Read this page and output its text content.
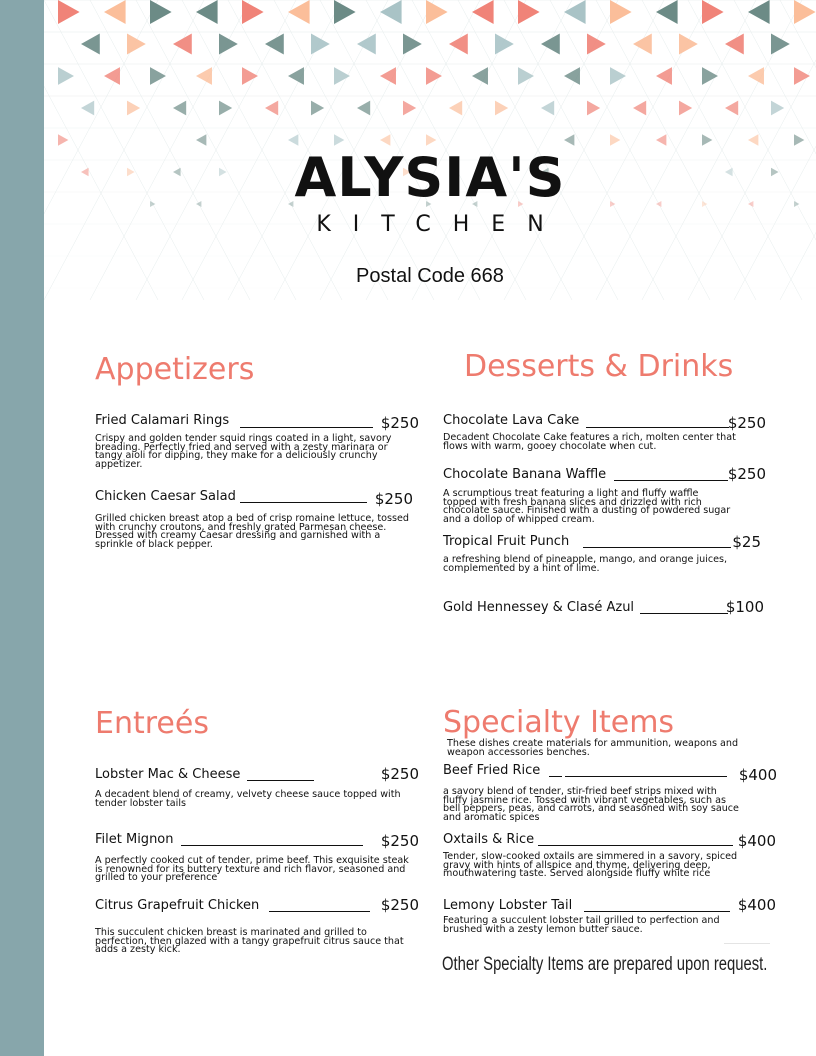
ALYSIA'S
KITCHEN
Postal Code 668
Appetizers
Fried Calamari Rings	$250
Crispy and golden tender squid rings coated in a light, savory breading. Perfectly fried and served with a zesty marinara or tangy aioli for dipping, they make for a deliciously crunchy appetizer.
Chicken Caesar Salad	$250
Grilled chicken breast atop a bed of crisp romaine lettuce, tossed with crunchy croutons, and freshly grated Parmesan cheese. Dressed with creamy Caesar dressing and garnished with a sprinkle of black pepper.
Desserts & Drinks
Chocolate Lava Cake	$250
Decadent Chocolate Cake features a rich, molten center that flows with warm, gooey chocolate when cut.
Chocolate Banana Waffle	$250
A scrumptious treat featuring a light and fluffy waffle topped with fresh banana slices and drizzled with rich chocolate sauce. Finished with a dusting of powdered sugar and a dollop of whipped cream.
Tropical Fruit Punch	$25
a refreshing blend of pineapple, mango, and orange juices, complemented by a hint of lime.
Gold Hennessey & Clasé Azul	$100
Entreés
Lobster Mac & Cheese	$250
A decadent blend of creamy, velvety cheese sauce topped with tender lobster tails
Filet Mignon	$250
A perfectly cooked cut of tender, prime beef. This exquisite steak is renowned for its buttery texture and rich flavor, seasoned and grilled to your preference
Citrus Grapefruit Chicken	$250
This succulent chicken breast is marinated and grilled to perfection, then glazed with a tangy grapefruit citrus sauce that adds a zesty kick.
Specialty Items
These dishes create materials for ammunition, weapons and weapon accessories benches.
Beef Fried Rice	$400
a savory blend of tender, stir-fried beef strips mixed with fluffy jasmine rice. Tossed with vibrant vegetables, such as bell peppers, peas, and carrots, and seasoned with soy sauce and aromatic spices
Oxtails & Rice	$400
Tender, slow-cooked oxtails are simmered in a savory, spiced gravy with hints of allspice and thyme, delivering deep, mouthwatering taste. Served alongside fluffy white rice
Lemony Lobster Tail	$400
Featuring a succulent lobster tail grilled to perfection and brushed with a zesty lemon butter sauce.
Other Specialty Items are prepared upon request.
